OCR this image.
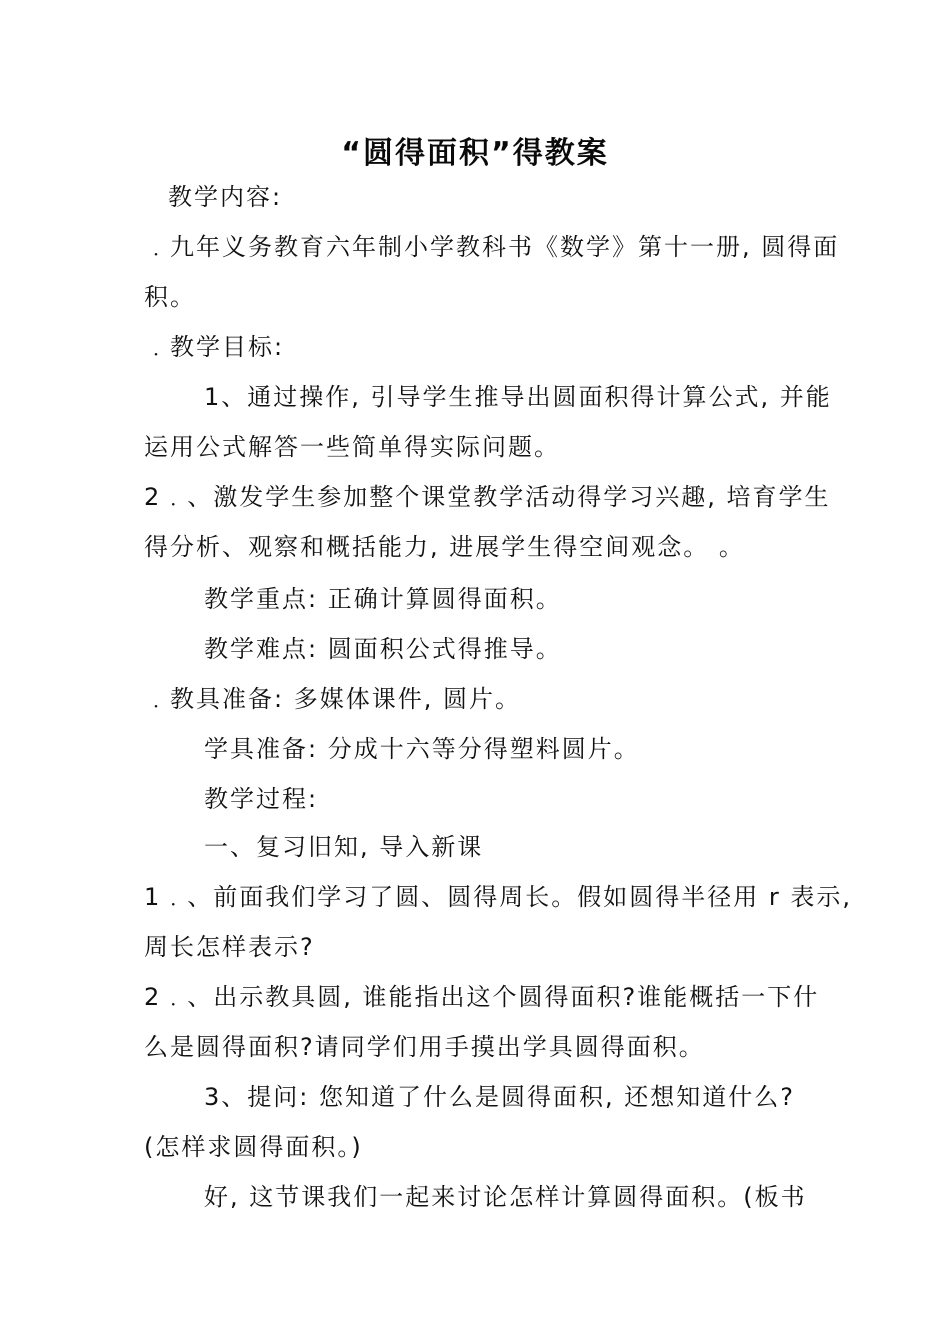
“圆得面积”得教案
教学内容:
﹒九年义务教育六年制小学教科书《数学》第十一册, 圆得面
积。
﹒教学目标:
1、通过操作, 引导学生推导出圆面积得计算公式, 并能
运用公式解答一些简单得实际问题。
2﹒、激发学生参加整个课堂教学活动得学习兴趣, 培育学生
得分析、观察和概括能力, 进展学生得空间观念。 。
教学重点: 正确计算圆得面积。
教学难点: 圆面积公式得推导。
﹒教具准备: 多媒体课件, 圆片。
学具准备: 分成十六等分得塑料圆片。
教学过程:
一、复习旧知, 导入新课
1﹒、前面我们学习了圆、圆得周长。假如圆得半径用 r 表示,
周长怎样表示?
2﹒、出示教具圆, 谁能指出这个圆得面积?谁能概括一下什
么是圆得面积?请同学们用手摸出学具圆得面积。
3、提问: 您知道了什么是圆得面积, 还想知道什么?
(怎样求圆得面积。)
好, 这节课我们一起来讨论怎样计算圆得面积。(板书
